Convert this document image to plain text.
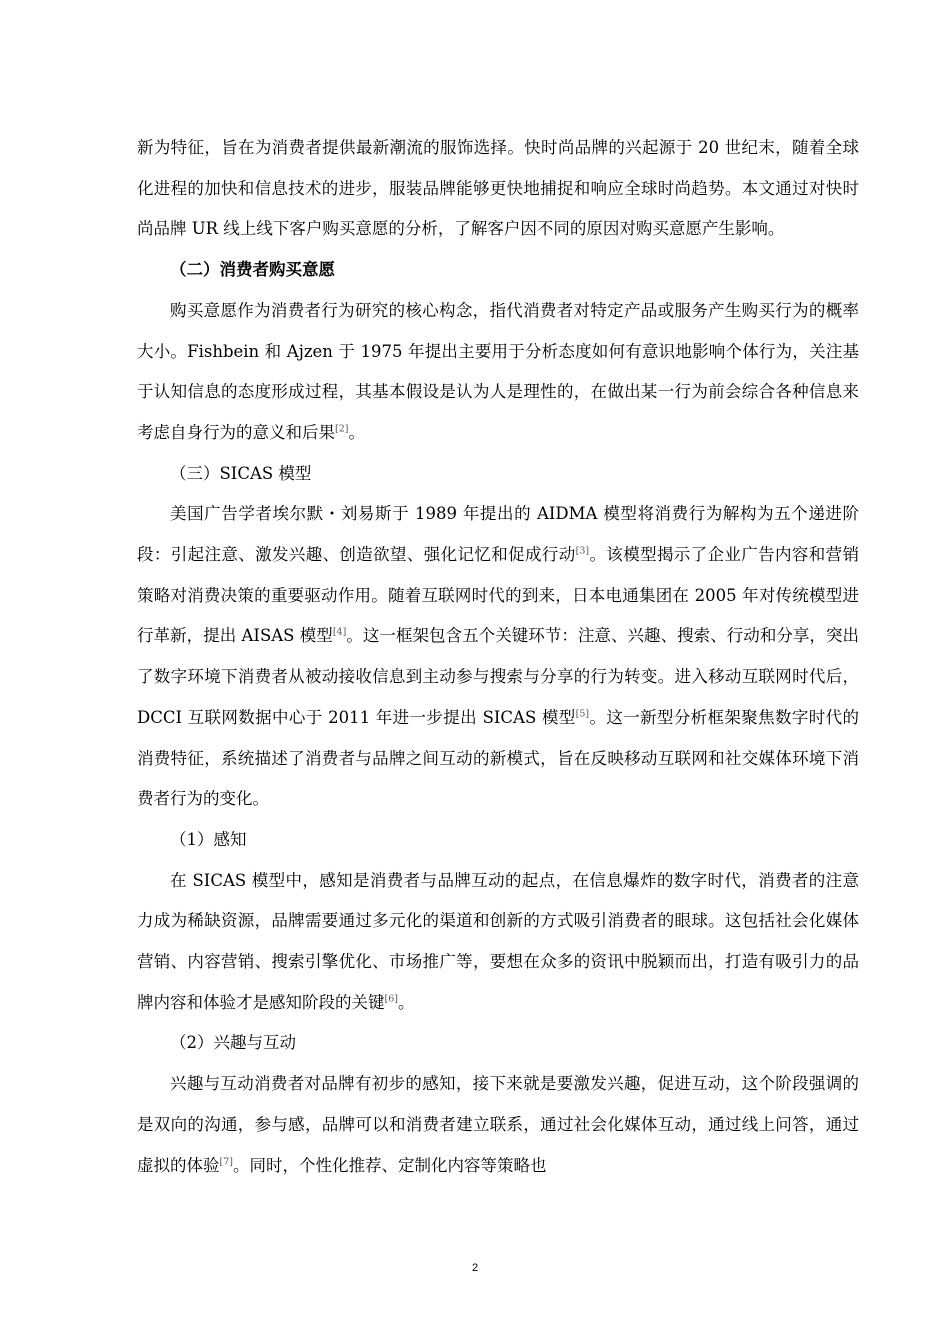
新为特征，旨在为消费者提供最新潮流的服饰选择。快时尚品牌的兴起源于 20 世纪末，随着全球化进程的加快和信息技术的进步，服装品牌能够更快地捕捉和响应全球时尚趋势。本文通过对快时尚品牌 UR 线上线下客户购买意愿的分析，了解客户因不同的原因对购买意愿产生影响。

（二）消费者购买意愿

购买意愿作为消费者行为研究的核心构念，指代消费者对特定产品或服务产生购买行为的概率大小。Fishbein 和 Ajzen 于 1975 年提出主要用于分析态度如何有意识地影响个体行为，关注基于认知信息的态度形成过程，其基本假设是认为人是理性的，在做出某一行为前会综合各种信息来考虑自身行为的意义和后果[2]。

（三）SICAS 模型

美国广告学者埃尔默・刘易斯于 1989 年提出的 AIDMA 模型将消费行为解构为五个递进阶段：引起注意、激发兴趣、创造欲望、强化记忆和促成行动[3]。该模型揭示了企业广告内容和营销策略对消费决策的重要驱动作用。随着互联网时代的到来，日本电通集团在 2005 年对传统模型进行革新，提出 AISAS 模型[4]。这一框架包含五个关键环节：注意、兴趣、搜索、行动和分享，突出了数字环境下消费者从被动接收信息到主动参与搜索与分享的行为转变。进入移动互联网时代后，DCCI 互联网数据中心于 2011 年进一步提出 SICAS 模型[5]。这一新型分析框架聚焦数字时代的消费特征，系统描述了消费者与品牌之间互动的新模式，旨在反映移动互联网和社交媒体环境下消费者行为的变化。

（1）感知

在 SICAS 模型中，感知是消费者与品牌互动的起点，在信息爆炸的数字时代，消费者的注意力成为稀缺资源，品牌需要通过多元化的渠道和创新的方式吸引消费者的眼球。这包括社会化媒体营销、内容营销、搜索引擎优化、市场推广等，要想在众多的资讯中脱颖而出，打造有吸引力的品牌内容和体验才是感知阶段的关键[6]。

（2）兴趣与互动

兴趣与互动消费者对品牌有初步的感知，接下来就是要激发兴趣，促进互动，这个阶段强调的是双向的沟通，参与感，品牌可以和消费者建立联系，通过社会化媒体互动，通过线上问答，通过虚拟的体验[7]。同时，个性化推荐、定制化内容等策略也

2
